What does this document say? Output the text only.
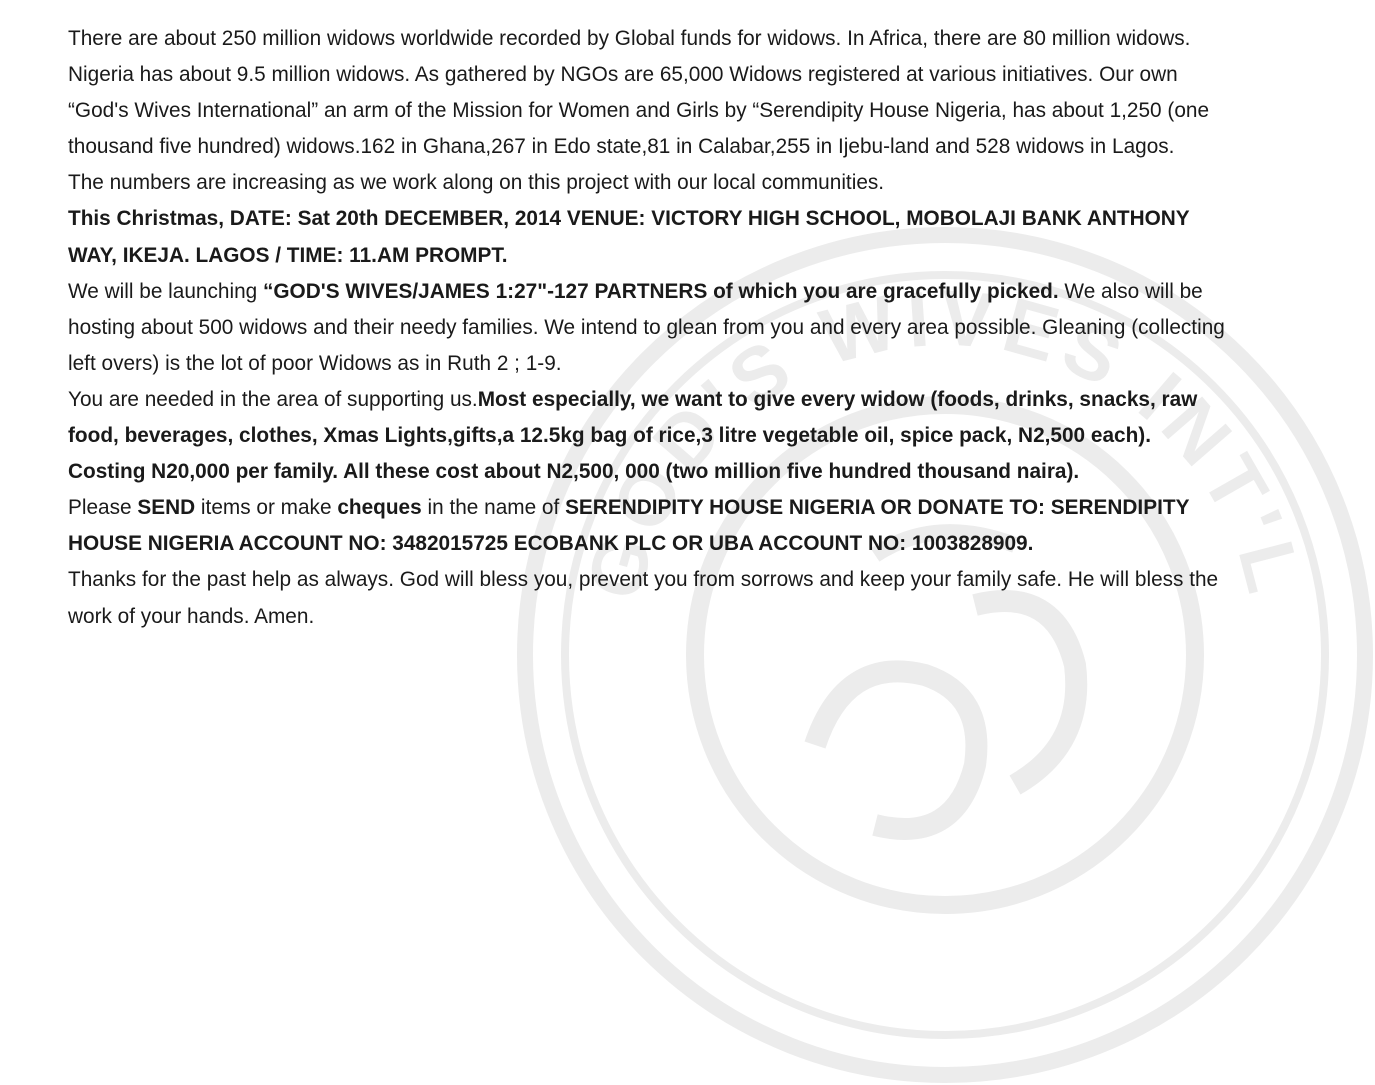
GOD'S WIVES INT'L

There are about 250 million widows worldwide recorded by Global funds for widows. In Africa, there are 80 million widows. Nigeria has about 9.5 million widows. As gathered by NGOs are 65,000 Widows registered at various initiatives. Our own “God's Wives International” an arm of the Mission for Women and Girls by “Serendipity House Nigeria, has about 1,250 (one thousand five hundred) widows.162 in Ghana,267 in Edo state,81 in Calabar,255 in Ijebu-land and 528 widows in Lagos.

The numbers are increasing as we work along on this project with our local communities.

This Christmas, DATE: Sat 20th DECEMBER, 2014 VENUE: VICTORY HIGH SCHOOL, MOBOLAJI BANK ANTHONY WAY, IKEJA. LAGOS / TIME: 11.AM PROMPT.

We will be launching “GOD'S WIVES/JAMES 1:27"-127 PARTNERS of which you are gracefully picked. We also will be hosting about 500 widows and their needy families. We intend to glean from you and every area possible. Gleaning (collecting left overs) is the lot of poor Widows as in Ruth 2 ; 1-9.

You are needed in the area of supporting us.Most especially, we want to give every widow (foods, drinks, snacks, raw food, beverages, clothes, Xmas Lights,gifts,a 12.5kg bag of rice,3 litre vegetable oil, spice pack, N2,500 each). Costing N20,000 per family. All these cost about N2,500, 000 (two million five hundred thousand naira).

Please SEND items or make cheques in the name of SERENDIPITY HOUSE NIGERIA OR DONATE TO: SERENDIPITY HOUSE NIGERIA ACCOUNT NO: 3482015725 ECOBANK PLC OR UBA ACCOUNT NO: 1003828909.

Thanks for the past help as always. God will bless you, prevent you from sorrows and keep your family safe. He will bless the work of your hands. Amen.
